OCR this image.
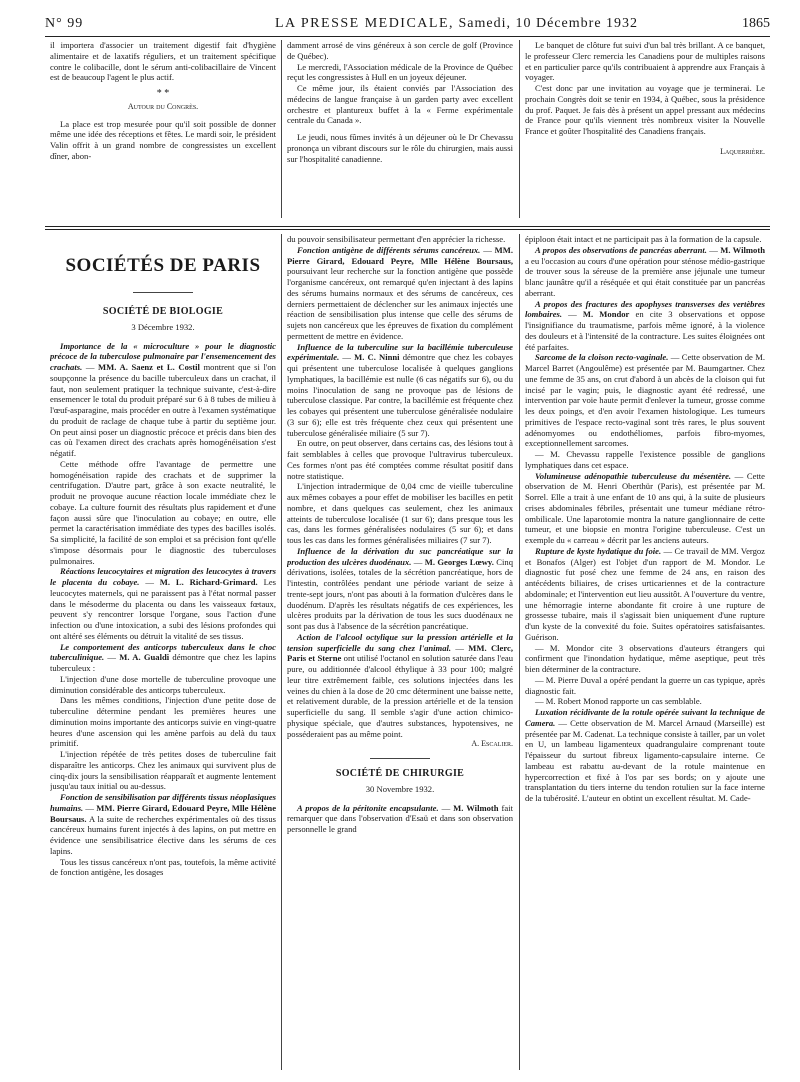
N° 99	LA PRESSE MEDICALE, Samedi, 10 Décembre 1932	1865

il importera d'associer un traitement digestif fait d'hygiène alimentaire et de laxatifs réguliers, et un traitement spécifique contre le colibacille, dont le sérum anti-colibacillaire de Vincent est de beaucoup l'agent le plus actif.

* *

Autour du Congrès.

La place est trop mesurée pour qu'il soit possible de donner même une idée des réceptions et fêtes. Le mardi soir, le président Valin offrit à un grand nombre de congressistes un excellent dîner, abon-

damment arrosé de vins généreux à son cercle de golf (Province de Québec).

Le mercredi, l'Association médicale de la Province de Québec reçut les congressistes à Hull en un joyeux déjeuner.

Ce même jour, ils étaient conviés par l'Association des médecins de langue française à un garden party avec excellent orchestre et plantureux buffet à la « Ferme expérimentale centrale du Canada ».

Le jeudi, nous fûmes invités à un déjeuner où le Dr Chevassu prononça un vibrant discours sur le rôle du chirurgien, mais aussi sur l'hospitalité canadienne.

Le banquet de clôture fut suivi d'un bal très brillant. A ce banquet, le professeur Clerc remercia les Canadiens pour de multiples raisons et en particulier parce qu'ils contribuaient à apprendre aux Français à voyager.

C'est donc par une invitation au voyage que je terminerai. Le prochain Congrès doit se tenir en 1934, à Québec, sous la présidence du prof. Paquet. Je fais dès à présent un appel pressant aux médecins de France pour qu'ils viennent très nombreux visiter la Nouvelle France et goûter l'hospitalité des Canadiens français.

Laquerrière.

SOCIÉTÉS DE PARIS

SOCIÉTÉ DE BIOLOGIE

3 Décembre 1932.

Importance de la « microculture » pour le diagnostic précoce de la tuberculose pulmonaire par l'ensemencement des crachats. — MM. A. Saenz et L. Costil montrent que si l'on soupçonne la présence du bacille tuberculeux dans un crachat, il faut, non seulement pratiquer la technique suivante, c'est-à-dire ensemencer le total du produit préparé sur 6 à 8 tubes de milieu à l'œuf-asparagine, mais procéder en outre à l'examen systématique du produit de raclage de chaque tube à partir du septième jour. On peut ainsi poser un diagnostic précoce et précis dans bien des cas où l'examen direct des crachats après homogénéisation s'est négatif.

Cette méthode offre l'avantage de permettre une homogénéisation rapide des crachats et de supprimer la centrifugation. D'autre part, grâce à son exacte neutralité, le produit ne provoque aucune réaction locale immédiate chez le cobaye. La culture fournit des résultats plus rapidement et d'une façon aussi sûre que l'inoculation au cobaye; en outre, elle permet la caractérisation immédiate des types des bacilles isolés. Sa simplicité, la facilité de son emploi et sa précision font qu'elle s'impose désormais pour le diagnostic des tuberculoses pulmonaires.

Réactions leucocytaires et migration des leucocytes à travers le placenta du cobaye. — M. L. Richard-Grimard. Les leucocytes maternels, qui ne paraissent pas à l'état normal passer dans le mésoderme du placenta ou dans les vaisseaux fœtaux, peuvent s'y rencontrer lorsque l'organe, sous l'action d'une infection ou d'une intoxication, a subi des lésions profondes qui ont altéré ses éléments ou détruit la vitalité de ses tissus.

Le comportement des anticorps tuberculeux dans le choc tuberculinique. — M. A. Gualdi démontre que chez les lapins tuberculeux :

L'injection d'une dose mortelle de tuberculine provoque une diminution considérable des anticorps tuberculeux.

Dans les mêmes conditions, l'injection d'une petite dose de tuberculine détermine pendant les premières heures une diminution moins importante des anticorps suivie en vingt-quatre heures d'une ascension qui les amène parfois au delà du taux primitif.

L'injection répétée de très petites doses de tuberculine fait disparaître les anticorps. Chez les animaux qui survivent plus de cinq-dix jours la sensibilisation réapparaît et augmente lentement jusqu'au taux initial ou au-dessus.

Fonction de sensibilisation par différents tissus néoplasiques humains. — MM. Pierre Girard, Edouard Peyre, Mlle Hélène Boursaus. A la suite de recherches expérimentales où des tissus cancéreux humains furent injectés à des lapins, on put mettre en évidence une sensibilisatrice élective dans les sérums de ces lapins.

Tous les tissus cancéreux n'ont pas, toutefois, la même activité de fonction antigène, les dosages

du pouvoir sensibilisateur permettant d'en apprécier la richesse.

Fonction antigène de différents sérums cancéreux. — MM. Pierre Girard, Edouard Peyre, Mlle Hélène Boursaus, poursuivant leur recherche sur la fonction antigène que possède l'organisme cancéreux, ont remarqué qu'en injectant à des lapins des sérums humains normaux et des sérums de cancéreux, ces derniers permettaient de déclencher sur les animaux injectés une réaction de sensibilisation plus intense que celle des sérums de sujets non cancéreux que les épreuves de fixation du complément permettent de mettre en évidence.

Influence de la tuberculine sur la bacillémie tuberculeuse expérimentale. — M. C. Ninni démontre que chez les cobayes qui présentent une tuberculose localisée à quelques ganglions lymphatiques, la bacillémie est nulle (6 cas négatifs sur 6), ou du moins l'inoculation de sang ne provoque pas de lésions de tuberculose classique. Par contre, la bacillémie est fréquente chez les cobayes qui présentent une tuberculose généralisée nodulaire (3 sur 6); elle est très fréquente chez ceux qui présentent une tuberculose généralisée miliaire (5 sur 7).

En outre, on peut observer, dans certains cas, des lésions tout à fait semblables à celles que provoque l'ultravirus tuberculeux. Ces formes n'ont pas été comptées comme résultat positif dans notre statistique.

L'injection intradermique de 0,04 cmc de vieille tuberculine aux mêmes cobayes a pour effet de mobiliser les bacilles en petit nombre, et dans quelques cas seulement, chez les animaux atteints de tuberculose localisée (1 sur 6); dans presque tous les cas, dans les formes généralisées nodulaires (5 sur 6); et dans tous les cas dans les formes généralisées miliaires (7 sur 7).

Influence de la dérivation du suc pancréatique sur la production des ulcères duodénaux. — M. Georges Lœwy. Cinq dérivations, isolées, totales de la sécrétion pancréatique, hors de l'intestin, contrôlées pendant une période variant de seize à trente-sept jours, n'ont pas abouti à la formation d'ulcères dans le duodénum. D'après les résultats négatifs de ces expériences, les ulcères produits par la dérivation de tous les sucs duodénaux ne sont pas dus à l'absence de la sécrétion pancréatique.

Action de l'alcool octylique sur la pression artérielle et la tension superficielle du sang chez l'animal. — MM. Clerc, Paris et Sterne ont utilisé l'octanol en solution saturée dans l'eau pure, ou additionnée d'alcool éthylique à 33 pour 100; malgré leur titre extrêmement faible, ces solutions injectées dans les veines du chien à la dose de 20 cmc déterminent une baisse nette, et relativement durable, de la pression artérielle et de la tension superficielle du sang. Il semble s'agir d'une action chimico-physique spéciale, que d'autres substances, hypotensives, ne posséderaient pas au même point.

A. Escalier.

SOCIÉTÉ DE CHIRURGIE

30 Novembre 1932.

A propos de la péritonite encapsulante. — M. Wilmoth fait remarquer que dans l'observation d'Esaü et dans son observation personnelle le grand

épiploon était intact et ne participait pas à la formation de la capsule.

A propos des observations de pancréas aberrant. — M. Wilmoth a eu l'occasion au cours d'une opération pour sténose médio-gastrique de trouver sous la séreuse de la première anse jéjunale une tumeur blanc jaunâtre qu'il a réséquée et qui était constituée par un pancréas aberrant.

A propos des fractures des apophyses transverses des vertèbres lombaires. — M. Mondor en cite 3 observations et oppose l'insignifiance du traumatisme, parfois même ignoré, à la violence des douleurs et à l'intensité de la contracture. Les suites éloignées ont été parfaites.

Sarcome de la cloison recto-vaginale. — Cette observation de M. Marcel Barret (Angoulême) est présentée par M. Baumgartner. Chez une femme de 35 ans, on crut d'abord à un abcès de la cloison qui fut incisé par le vagin; puis, le diagnostic ayant été redressé, une intervention par voie haute permit d'enlever la tumeur, grosse comme les deux poings, et d'en avoir l'examen histologique. Les tumeurs primitives de l'espace recto-vaginal sont très rares, le plus souvent adénomyomes ou endothéliomes, parfois fibro-myomes, exceptionnellement sarcomes.

— M. Chevassu rappelle l'existence possible de ganglions lymphatiques dans cet espace.

Volumineuse adénopathie tuberculeuse du mésentère. — Cette observation de M. Henri Oberthür (Paris), est présentée par M. Sorrel. Elle a trait à une enfant de 10 ans qui, à la suite de plusieurs crises abdominales fébriles, présentait une tumeur médiane rétro-ombilicale. Une laparotomie montra la nature ganglionnaire de cette tumeur, et une biopsie en montra l'origine tuberculeuse. C'est un exemple du « carreau » décrit par les anciens auteurs.

Rupture de kyste hydatique du foie. — Ce travail de MM. Vergoz et Bonafos (Alger) est l'objet d'un rapport de M. Mondor. Le diagnostic fut posé chez une femme de 24 ans, en raison des antécédents biliaires, de crises urticariennes et de la contracture abdominale; et l'intervention eut lieu aussitôt. A l'ouverture du ventre, une hémorragie interne abondante fit croire à une rupture de grossesse tubaire, mais il s'agissait bien uniquement d'une rupture d'un kyste de la convexité du foie. Suites opératoires satisfaisantes. Guérison.

— M. Mondor cite 3 observations d'auteurs étrangers qui confirment que l'inondation hydatique, même aseptique, peut très bien déterminer de la contracture.

— M. Pierre Duval a opéré pendant la guerre un cas typique, après diagnostic fait.

— M. Robert Monod rapporte un cas semblable.

Luxation récidivante de la rotule opérée suivant la technique de Camera. — Cette observation de M. Marcel Arnaud (Marseille) est présentée par M. Cadenat. La technique consiste à tailler, par un volet en U, un lambeau ligamenteux quadrangulaire comprenant toute l'épaisseur du surtout fibreux ligamento-capsulaire interne. Ce lambeau est rabattu au-devant de la rotule maintenue en hypercorrection et fixé à l'os par ses bords; on y ajoute une transplantation du tiers interne du tendon rotulien sur la face interne de la tubérosité. L'auteur en obtint un excellent résultat. M. Cade-
